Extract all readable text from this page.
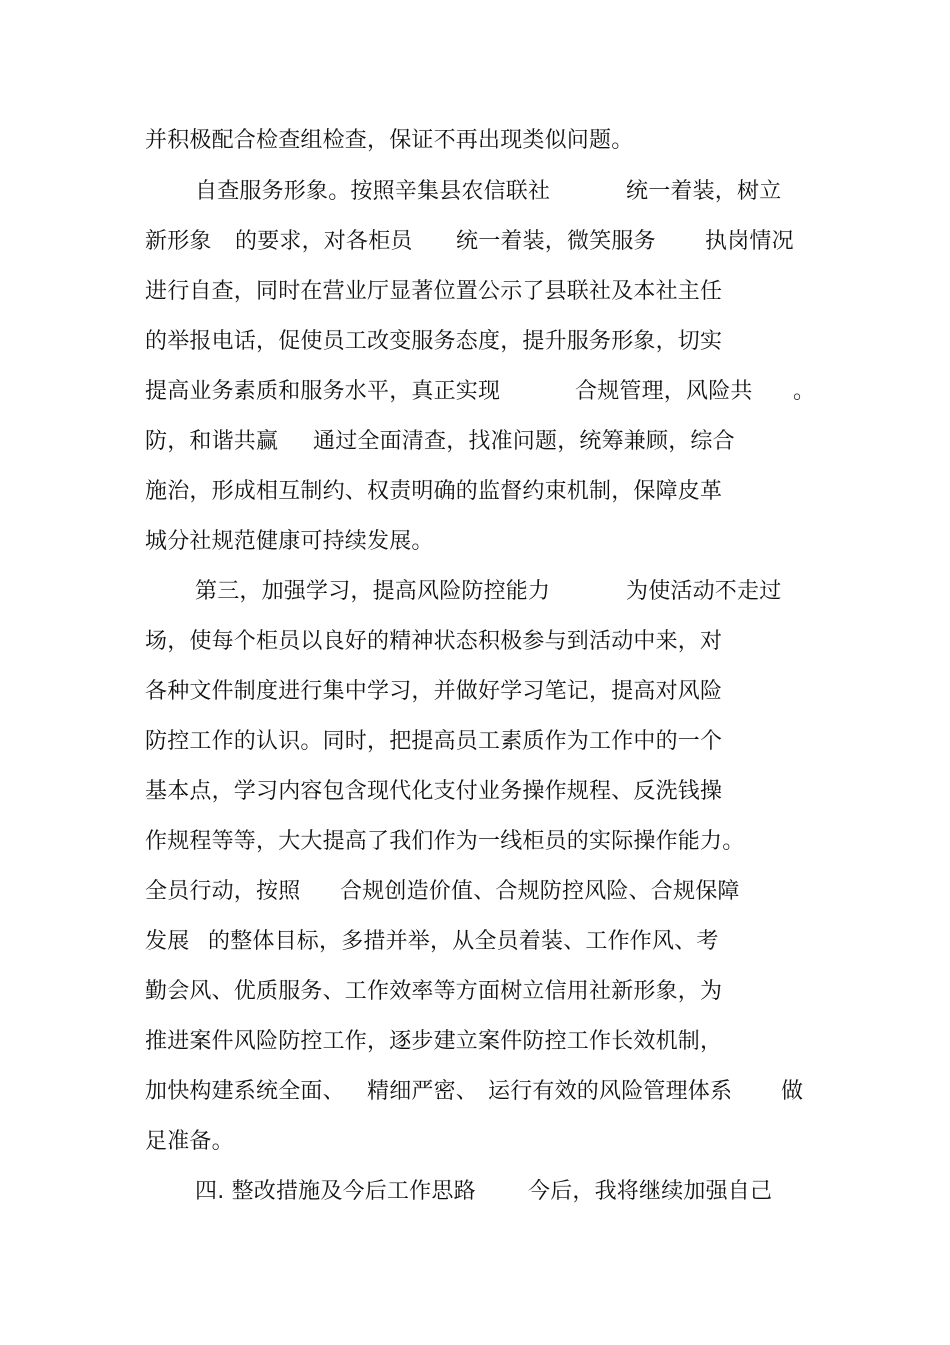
并积极配合检查组检查，保证不再出现类似问题。

自查服务形象。按照辛集县农信联社

	统一着装，树立

新形象

的要求，对各柜员

统一着装，微笑服务

执岗情况

进行自查，同时在营业厅显著位置公示了县联社及本社主任

的举报电话，促使员工改变服务态度，提升服务形象，切实

提高业务素质和服务水平，真正实现

	合规管理，风险共

。

防，和谐共赢

通过全面清查，找准问题，统筹兼顾，综合

施治，形成相互制约、权责明确的监督约束机制，保障皮革

城分社规范健康可持续发展。

第三，加强学习，提高风险防控能力

	为使活动不走过

场，使每个柜员以良好的精神状态积极参与到活动中来，对

各种文件制度进行集中学习，并做好学习笔记，提高对风险

防控工作的认识。同时，把提高员工素质作为工作中的一个

基本点，学习内容包含现代化支付业务操作规程、反洗钱操

作规程等等，大大提高了我们作为一线柜员的实际操作能力。

全员行动，按照

合规创造价值、合规防控风险、合规保障

发展

的整体目标，多措并举，从全员着装、工作作风、考

勤会风、优质服务、工作效率等方面树立信用社新形象，为

推进案件风险防控工作，逐步建立案件防控工作长效机制，

加快构建系统全面、

精细严密、

运行有效的风险管理体系

做

足准备。

四. 整改措施及今后工作思路

今后，我将继续加强自己
